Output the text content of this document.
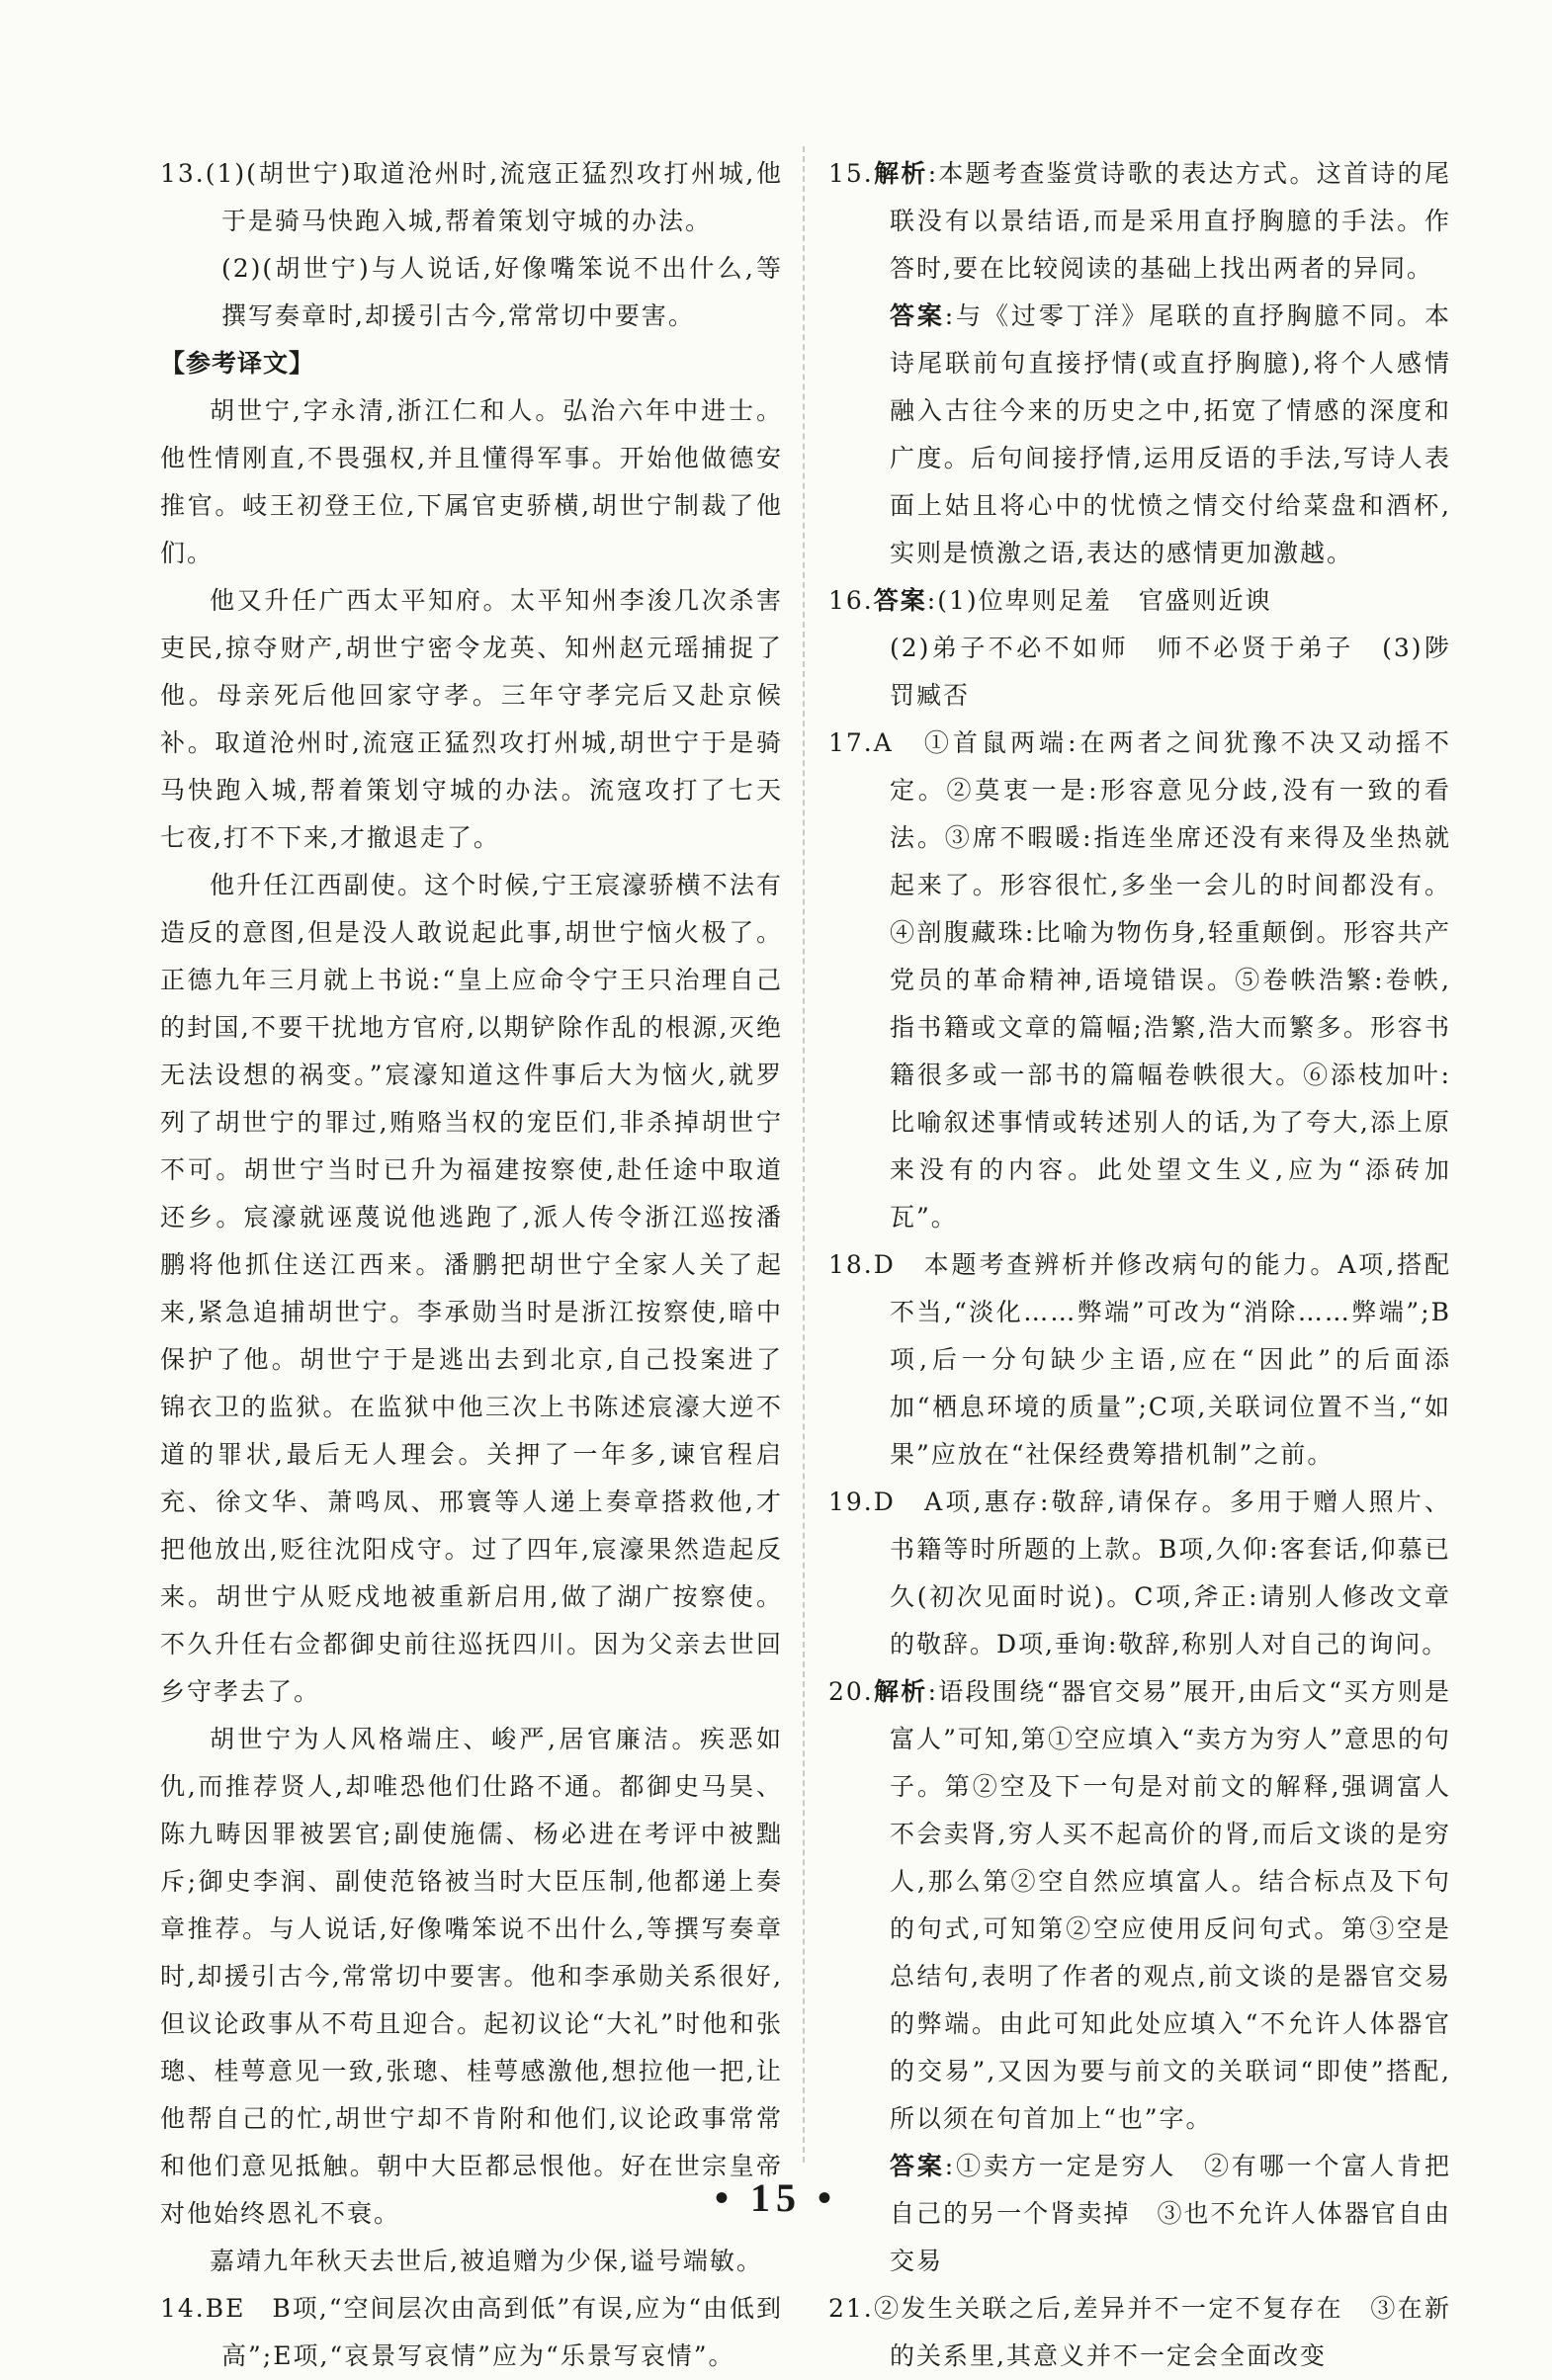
13.(1)(胡世宁)取道沧州时,流寇正猛烈攻打州城,他于是骑马快跑入城,帮着策划守城的办法。

(2)(胡世宁)与人说话,好像嘴笨说不出什么,等撰写奏章时,却援引古今,常常切中要害。

【参考译文】

胡世宁,字永清,浙江仁和人。弘治六年中进士。他性情刚直,不畏强权,并且懂得军事。开始他做德安推官。岐王初登王位,下属官吏骄横,胡世宁制裁了他们。

他又升任广西太平知府。太平知州李浚几次杀害吏民,掠夺财产,胡世宁密令龙英、知州赵元瑶捕捉了他。母亲死后他回家守孝。三年守孝完后又赴京候补。取道沧州时,流寇正猛烈攻打州城,胡世宁于是骑马快跑入城,帮着策划守城的办法。流寇攻打了七天七夜,打不下来,才撤退走了。

他升任江西副使。这个时候,宁王宸濠骄横不法有造反的意图,但是没人敢说起此事,胡世宁恼火极了。正德九年三月就上书说:“皇上应命令宁王只治理自己的封国,不要干扰地方官府,以期铲除作乱的根源,灭绝无法设想的祸变。”宸濠知道这件事后大为恼火,就罗列了胡世宁的罪过,贿赂当权的宠臣们,非杀掉胡世宁不可。胡世宁当时已升为福建按察使,赴任途中取道还乡。宸濠就诬蔑说他逃跑了,派人传令浙江巡按潘鹏将他抓住送江西来。潘鹏把胡世宁全家人关了起来,紧急追捕胡世宁。李承勋当时是浙江按察使,暗中保护了他。胡世宁于是逃出去到北京,自己投案进了锦衣卫的监狱。在监狱中他三次上书陈述宸濠大逆不道的罪状,最后无人理会。关押了一年多,谏官程启充、徐文华、萧鸣凤、邢寰等人递上奏章搭救他,才把他放出,贬往沈阳戍守。过了四年,宸濠果然造起反来。胡世宁从贬戍地被重新启用,做了湖广按察使。不久升任右佥都御史前往巡抚四川。因为父亲去世回乡守孝去了。

胡世宁为人风格端庄、峻严,居官廉洁。疾恶如仇,而推荐贤人,却唯恐他们仕路不通。都御史马昊、陈九畴因罪被罢官;副使施儒、杨必进在考评中被黜斥;御史李润、副使范铬被当时大臣压制,他都递上奏章推荐。与人说话,好像嘴笨说不出什么,等撰写奏章时,却援引古今,常常切中要害。他和李承勋关系很好,但议论政事从不苟且迎合。起初议论“大礼”时他和张璁、桂萼意见一致,张璁、桂萼感激他,想拉他一把,让他帮自己的忙,胡世宁却不肯附和他们,议论政事常常和他们意见抵触。朝中大臣都忌恨他。好在世宗皇帝对他始终恩礼不衰。

嘉靖九年秋天去世后,被追赠为少保,谥号端敏。

14.BE　B项,“空间层次由高到低”有误,应为“由低到高”;E项,“哀景写哀情”应为“乐景写哀情”。

15.解析:本题考查鉴赏诗歌的表达方式。这首诗的尾联没有以景结语,而是采用直抒胸臆的手法。作答时,要在比较阅读的基础上找出两者的异同。

答案:与《过零丁洋》尾联的直抒胸臆不同。本诗尾联前句直接抒情(或直抒胸臆),将个人感情融入古往今来的历史之中,拓宽了情感的深度和广度。后句间接抒情,运用反语的手法,写诗人表面上姑且将心中的忧愤之情交付给菜盘和酒杯,实则是愤激之语,表达的感情更加激越。

16.答案:(1)位卑则足羞　官盛则近谀

(2)弟子不必不如师　师不必贤于弟子　(3)陟罚臧否

17.A　①首鼠两端:在两者之间犹豫不决又动摇不定。②莫衷一是:形容意见分歧,没有一致的看法。③席不暇暖:指连坐席还没有来得及坐热就起来了。形容很忙,多坐一会儿的时间都没有。④剖腹藏珠:比喻为物伤身,轻重颠倒。形容共产党员的革命精神,语境错误。⑤卷帙浩繁:卷帙,指书籍或文章的篇幅;浩繁,浩大而繁多。形容书籍很多或一部书的篇幅卷帙很大。⑥添枝加叶:比喻叙述事情或转述别人的话,为了夸大,添上原来没有的内容。此处望文生义,应为“添砖加瓦”。

18.D　本题考查辨析并修改病句的能力。A项,搭配不当,“淡化……弊端”可改为“消除……弊端”;B项,后一分句缺少主语,应在“因此”的后面添加“栖息环境的质量”;C项,关联词位置不当,“如果”应放在“社保经费筹措机制”之前。

19.D　A项,惠存:敬辞,请保存。多用于赠人照片、书籍等时所题的上款。B项,久仰:客套话,仰慕已久(初次见面时说)。C项,斧正:请别人修改文章的敬辞。D项,垂询:敬辞,称别人对自己的询问。

20.解析:语段围绕“器官交易”展开,由后文“买方则是富人”可知,第①空应填入“卖方为穷人”意思的句子。第②空及下一句是对前文的解释,强调富人不会卖肾,穷人买不起高价的肾,而后文谈的是穷人,那么第②空自然应填富人。结合标点及下句的句式,可知第②空应使用反问句式。第③空是总结句,表明了作者的观点,前文谈的是器官交易的弊端。由此可知此处应填入“不允许人体器官的交易”,又因为要与前文的关联词“即使”搭配,所以须在句首加上“也”字。

答案:①卖方一定是穷人　②有哪一个富人肯把自己的另一个肾卖掉　③也不允许人体器官自由交易

21.②发生关联之后,差异并不一定不复存在　③在新的关系里,其意义并不一定会全面改变

• 15 •
